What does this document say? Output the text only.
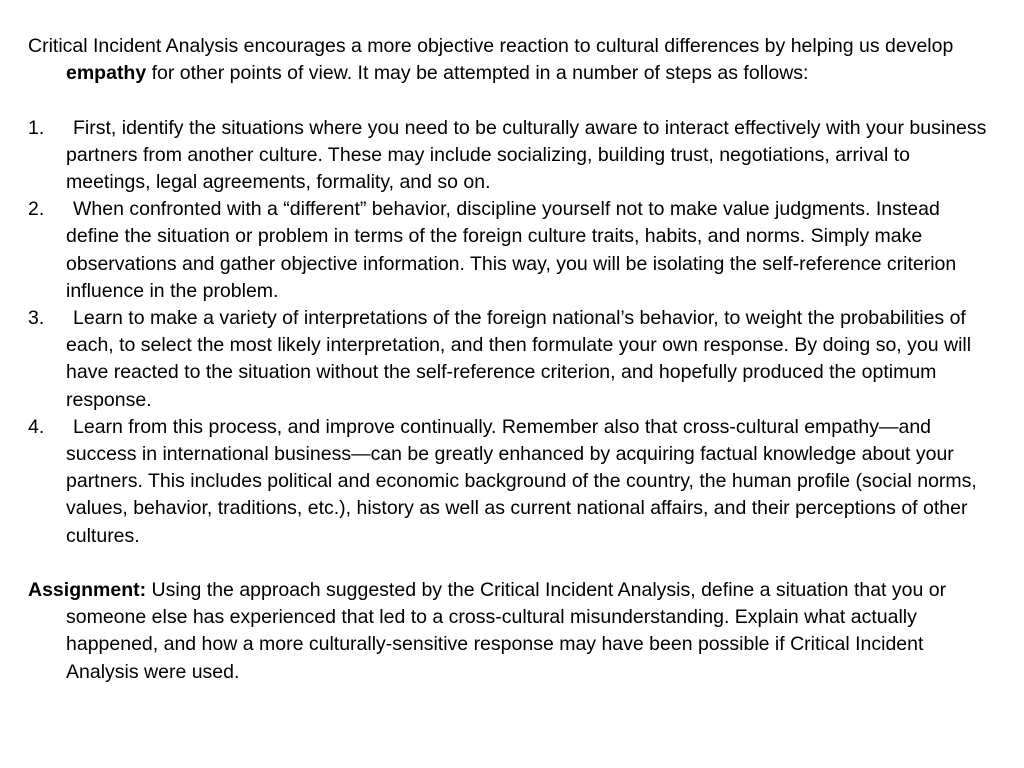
Critical Incident Analysis encourages a more objective reaction to cultural differences by helping us develop empathy for other points of view. It may be attempted in a number of steps as follows:

1.	First, identify the situations where you need to be culturally aware to interact effectively with your business partners from another culture. These may include socializing, building trust, negotiations, arrival to meetings, legal agreements, formality, and so on.
2.	When confronted with a “different” behavior, discipline yourself not to make value judgments. Instead define the situation or problem in terms of the foreign culture traits, habits, and norms. Simply make observations and gather objective information. This way, you will be isolating the self-reference criterion influence in the problem.
3.	Learn to make a variety of interpretations of the foreign national’s behavior, to weight the probabilities of each, to select the most likely interpretation, and then formulate your own response. By doing so, you will have reacted to the situation without the self-reference criterion, and hopefully produced the optimum response.
4.	Learn from this process, and improve continually. Remember also that cross-cultural empathy—and success in international business—can be greatly enhanced by acquiring factual knowledge about your partners. This includes political and economic background of the country, the human profile (social norms, values, behavior, traditions, etc.), history as well as current national affairs, and their perceptions of other cultures.

Assignment: Using the approach suggested by the Critical Incident Analysis, define a situation that you or someone else has experienced that led to a cross-cultural misunderstanding. Explain what actually happened, and how a more culturally-sensitive response may have been possible if Critical Incident Analysis were used.
